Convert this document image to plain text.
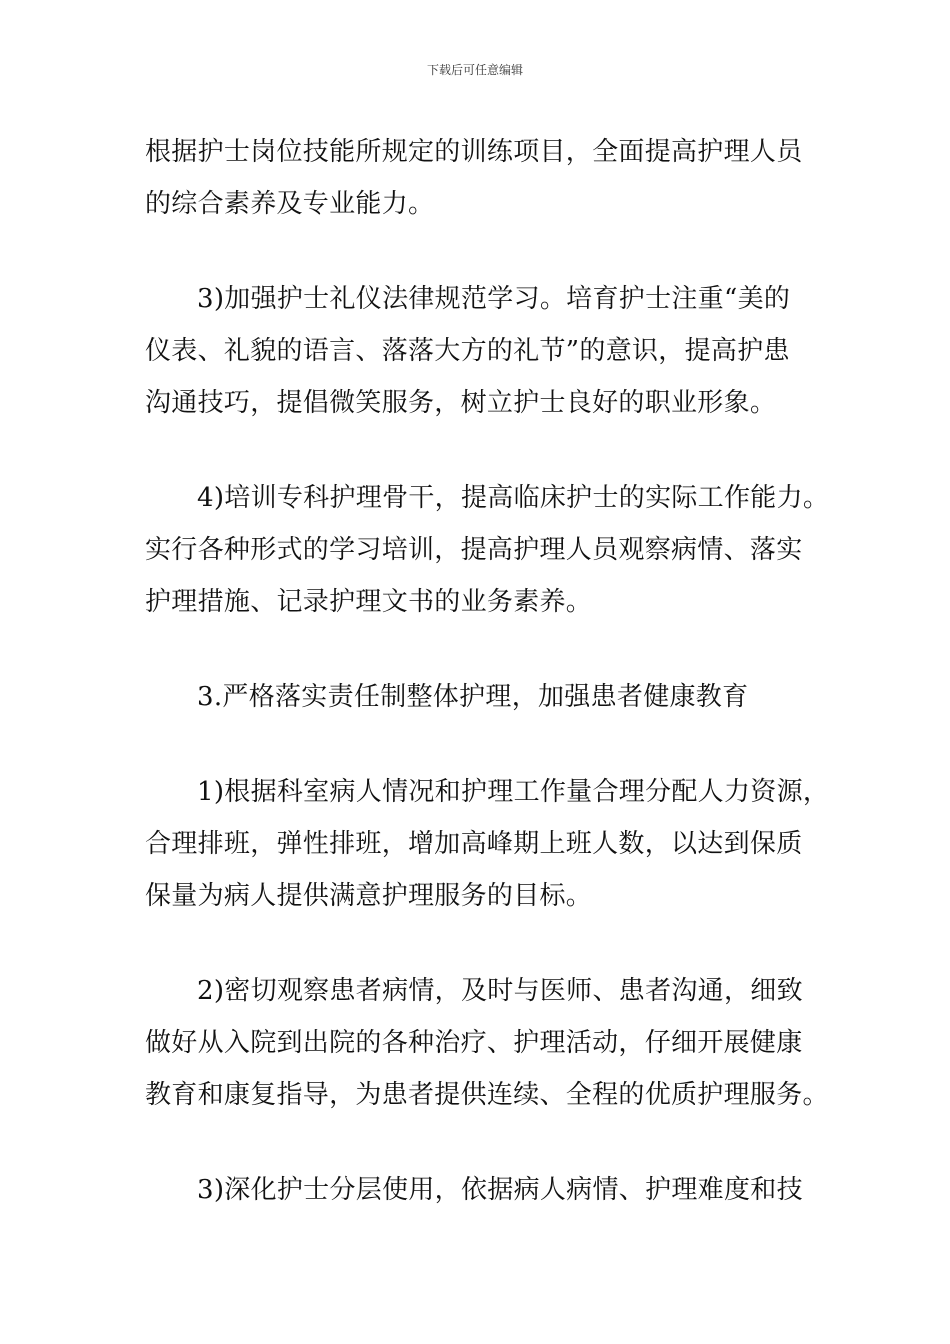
下载后可任意编辑
根据护士岗位技能所规定的训练项目，全面提高护理人员
的综合素养及专业能力。
3)加强护士礼仪法律规范学习。培育护士注重“美的
仪表、礼貌的语言、落落大方的礼节”的意识，提高护患
沟通技巧，提倡微笑服务，树立护士良好的职业形象。
4)培训专科护理骨干，提高临床护士的实际工作能力。
实行各种形式的学习培训，提高护理人员观察病情、落实
护理措施、记录护理文书的业务素养。
3.严格落实责任制整体护理，加强患者健康教育
1)根据科室病人情况和护理工作量合理分配人力资源，
合理排班，弹性排班，增加高峰期上班人数，以达到保质
保量为病人提供满意护理服务的目标。
2)密切观察患者病情，及时与医师、患者沟通，细致
做好从入院到出院的各种治疗、护理活动，仔细开展健康
教育和康复指导，为患者提供连续、全程的优质护理服务。
3)深化护士分层使用，依据病人病情、护理难度和技
